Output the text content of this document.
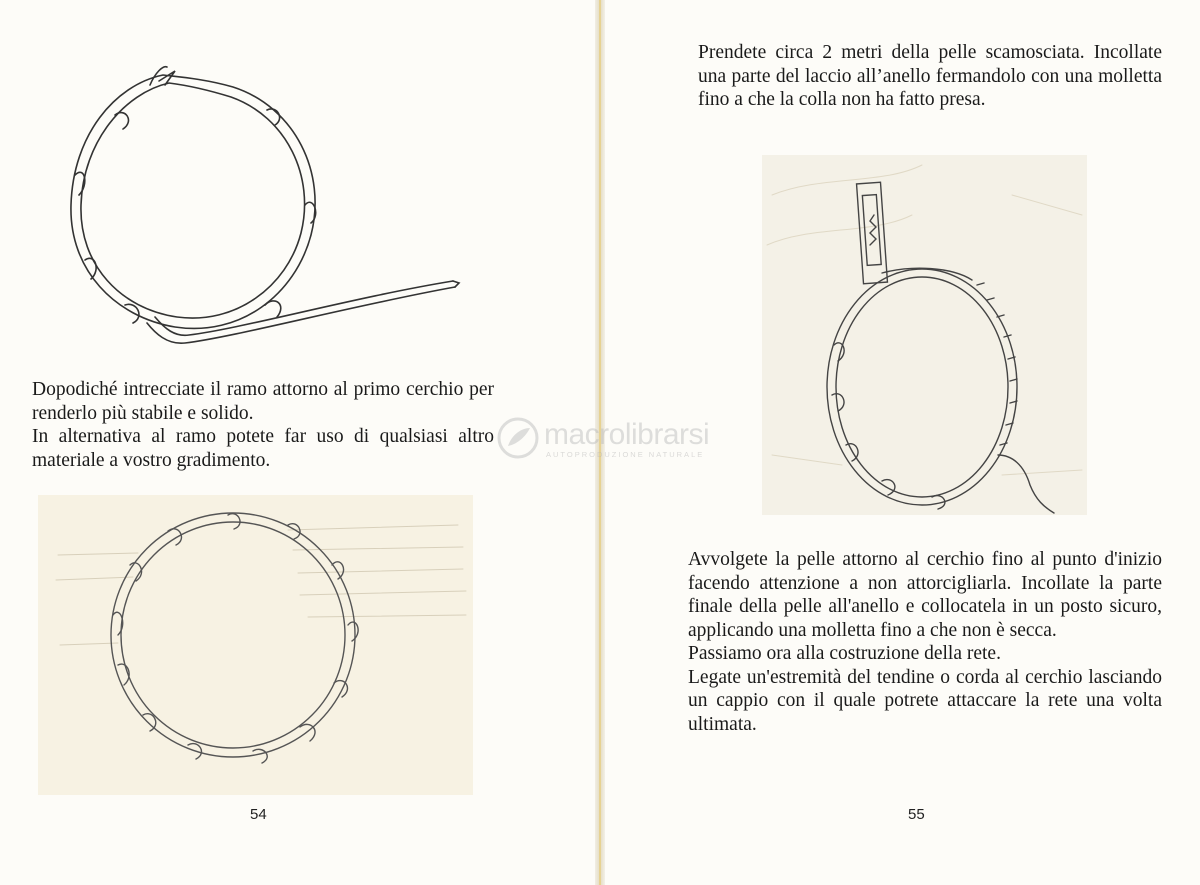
Dopodiché intrecciate il ramo attorno al primo cerchio per renderlo più stabile e solido.

In alternativa al ramo potete far uso di qualsiasi altro materiale a vostro gradimento.

54

Prendete circa 2 metri della pelle scamosciata. Incollate una parte del laccio all’anello fermandolo con una molletta fino a che la colla non ha fatto presa.

Avvolgete la pelle attorno al cerchio fino al punto d'inizio facendo attenzione a non attorcigliarla. Incollate la parte finale della pelle all'anello e collocatela in un posto sicuro, applicando una molletta fino a che non è secca.

Passiamo ora alla costruzione della rete.

Legate un'estremità del tendine o corda al cerchio lasciando un cappio con il quale potrete attaccare la rete una volta ultimata.

55
macrolibrarsi
AUTOPRODUZIONE NATURALE
